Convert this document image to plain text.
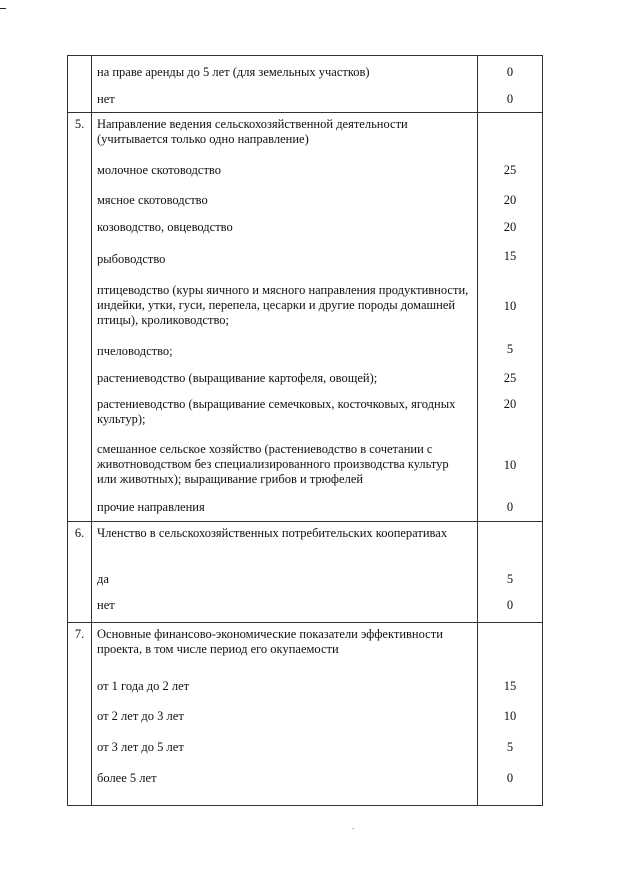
	на праве аренды до 5 лет (для земельных участков)	0
	нет	0
5.	Направление ведения сельскохозяйственной деятельности (учитывается только одно направление)	
	молочное скотоводство	25
	мясное скотоводство	20
	козоводство, овцеводство	20
	рыбоводство	15
	птицеводство (куры яичного и мясного направления продуктивности, индейки, утки, гуси, перепела, цесарки и другие породы домашней птицы), кролиководство;	10
	пчеловодство;	5
	растениеводство (выращивание картофеля, овощей);	25
	растениеводство (выращивание семечковых, косточковых, ягодных культур);	20
	смешанное сельское хозяйство (растениеводство в сочетании с животноводством без специализированного производства культур или животных); выращивание грибов и трюфелей	10
	прочие направления	0
6.	Членство в сельскохозяйственных потребительских кооперативах	
	да	5
	нет	0
7.	Основные финансово-экономические показатели эффективности проекта, в том числе период его окупаемости	
	от 1 года до 2 лет	15
	от 2 лет до 3 лет	10
	от 3 лет до 5 лет	5
	более 5 лет	0
